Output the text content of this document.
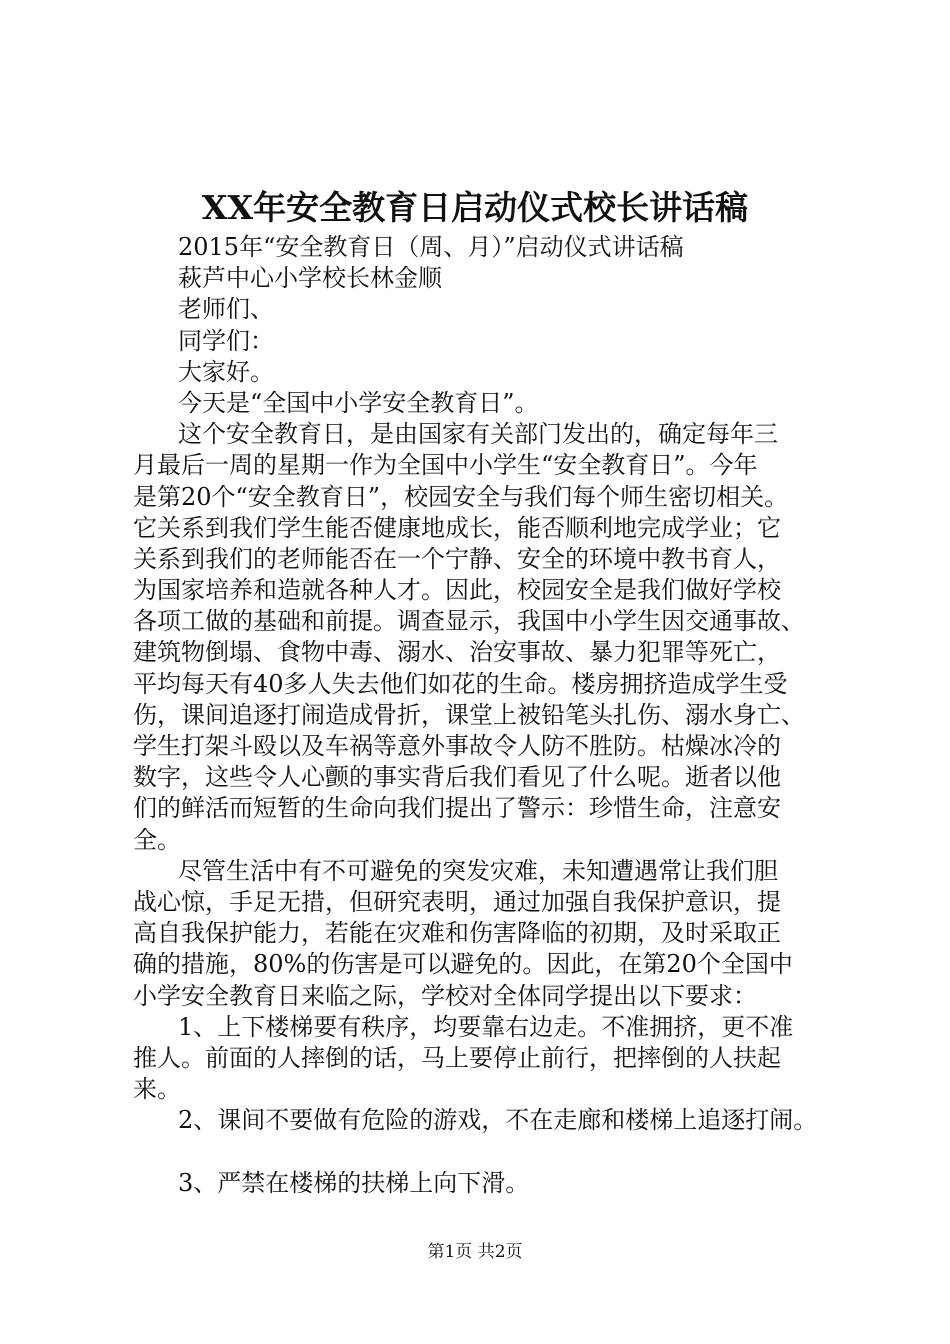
XX年安全教育日启动仪式校长讲话稿
2015年“安全教育日（周、月）”启动仪式讲话稿
萩芦中心小学校长林金顺
老师们、
同学们：
大家好。
今天是“全国中小学安全教育日”。
这个安全教育日，是由国家有关部门发出的，确定每年三
月最后一周的星期一作为全国中小学生“安全教育日”。今年
是第20个“安全教育日”，校园安全与我们每个师生密切相关。
它关系到我们学生能否健康地成长，能否顺利地完成学业；它
关系到我们的老师能否在一个宁静、安全的环境中教书育人，
为国家培养和造就各种人才。因此，校园安全是我们做好学校
各项工做的基础和前提。调查显示，我国中小学生因交通事故、
建筑物倒塌、食物中毒、溺水、治安事故、暴力犯罪等死亡，
平均每天有40多人失去他们如花的生命。楼房拥挤造成学生受
伤，课间追逐打闹造成骨折，课堂上被铅笔头扎伤、溺水身亡、
学生打架斗殴以及车祸等意外事故令人防不胜防。枯燥冰冷的
数字，这些令人心颤的事实背后我们看见了什么呢。逝者以他
们的鲜活而短暂的生命向我们提出了警示：珍惜生命，注意安
全。
尽管生活中有不可避免的突发灾难，未知遭遇常让我们胆
战心惊，手足无措，但研究表明，通过加强自我保护意识，提
高自我保护能力，若能在灾难和伤害降临的初期，及时采取正
确的措施，80%的伤害是可以避免的。因此，在第20个全国中
小学安全教育日来临之际，学校对全体同学提出以下要求：
1、上下楼梯要有秩序，均要靠右边走。不准拥挤，更不准
推人。前面的人摔倒的话，马上要停止前行，把摔倒的人扶起
来。
2、课间不要做有危险的游戏，不在走廊和楼梯上追逐打闹。
3、严禁在楼梯的扶梯上向下滑。
第1页 共2页
